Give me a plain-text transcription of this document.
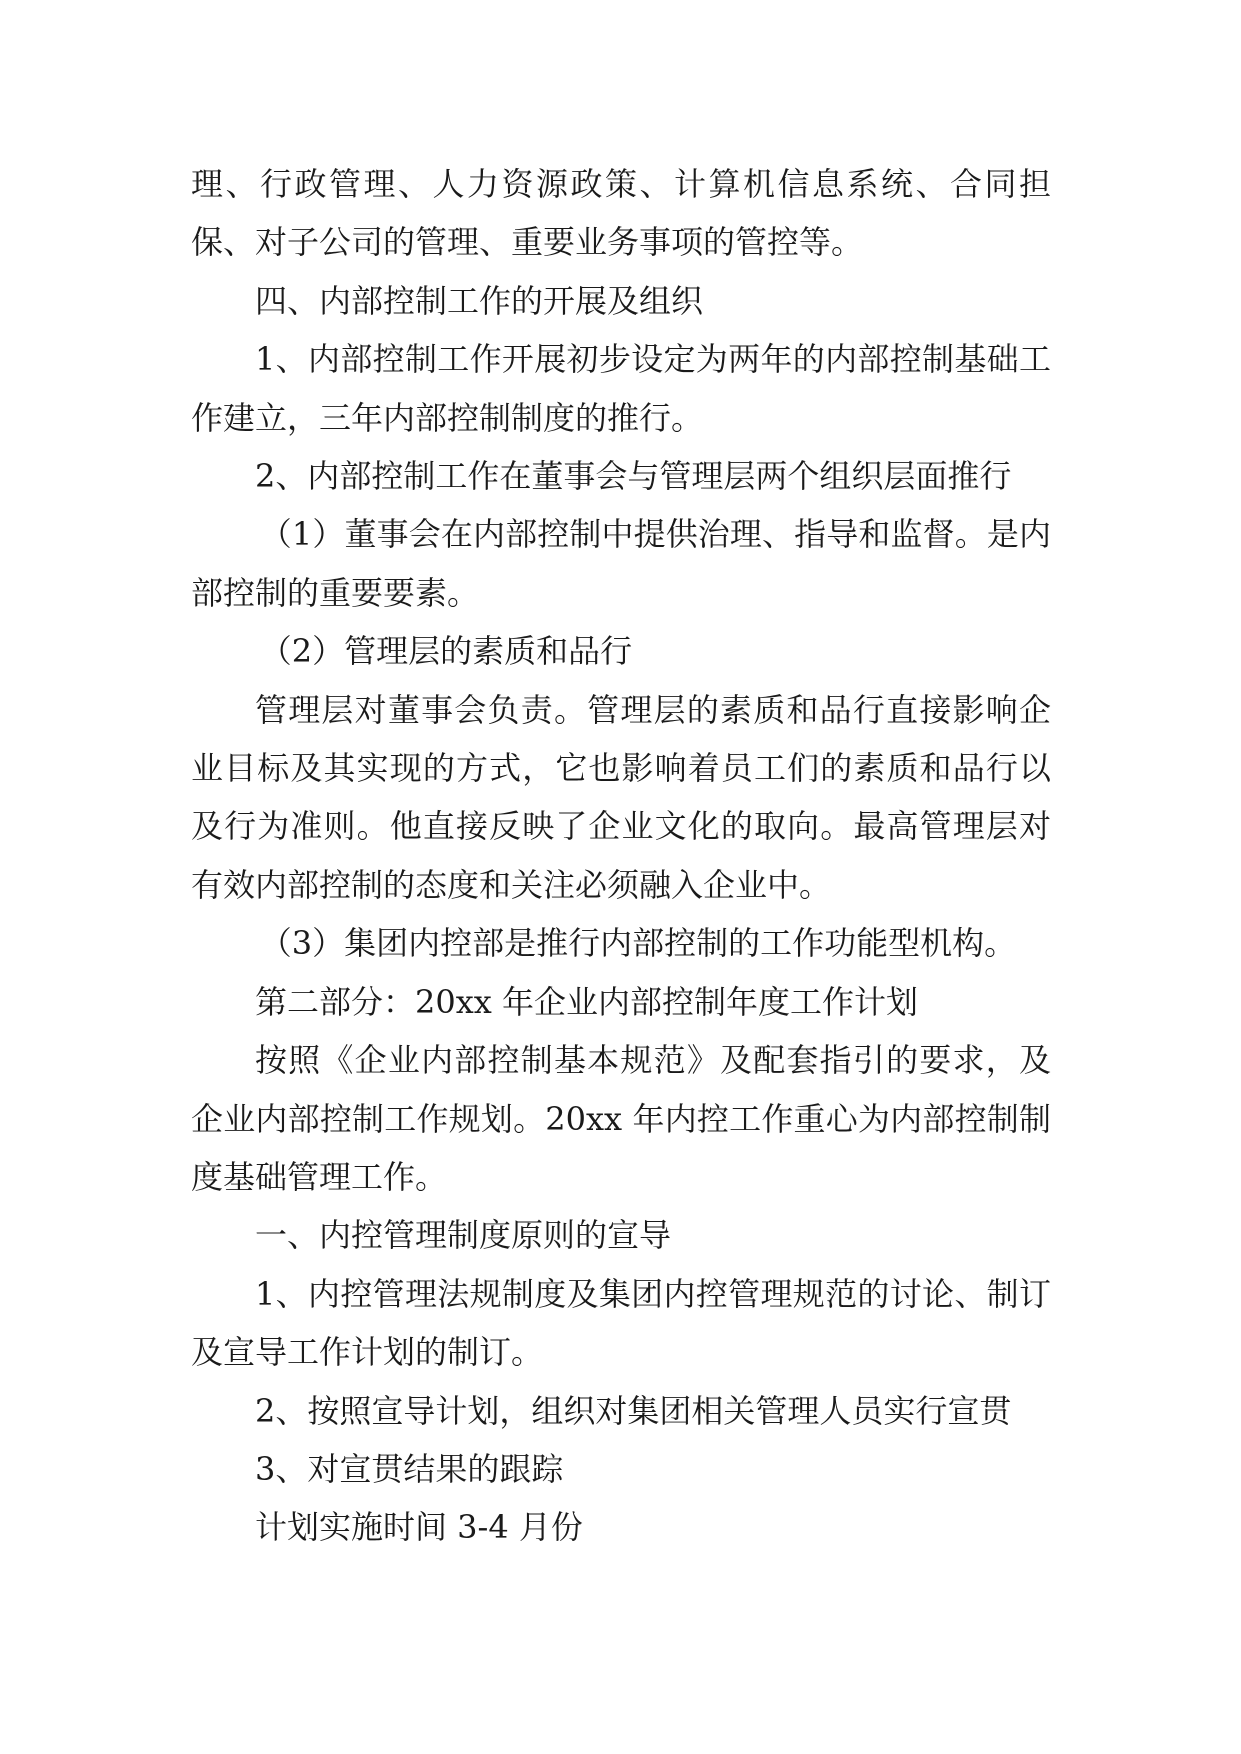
理、行政管理、人力资源政策、计算机信息系统、合同担保、对子公司的管理、重要业务事项的管控等。

四、内部控制工作的开展及组织

1、内部控制工作开展初步设定为两年的内部控制基础工作建立，三年内部控制制度的推行。

2、内部控制工作在董事会与管理层两个组织层面推行

（1）董事会在内部控制中提供治理、指导和监督。是内部控制的重要要素。

（2）管理层的素质和品行

管理层对董事会负责。管理层的素质和品行直接影响企业目标及其实现的方式，它也影响着员工们的素质和品行以及行为准则。他直接反映了企业文化的取向。最高管理层对有效内部控制的态度和关注必须融入企业中。

（3）集团内控部是推行内部控制的工作功能型机构。

第二部分：20xx 年企业内部控制年度工作计划

按照《企业内部控制基本规范》及配套指引的要求，及企业内部控制工作规划。20xx 年内控工作重心为内部控制制度基础管理工作。

一、内控管理制度原则的宣导

1、内控管理法规制度及集团内控管理规范的讨论、制订及宣导工作计划的制订。

2、按照宣导计划，组织对集团相关管理人员实行宣贯

3、对宣贯结果的跟踪

计划实施时间 3-4 月份
